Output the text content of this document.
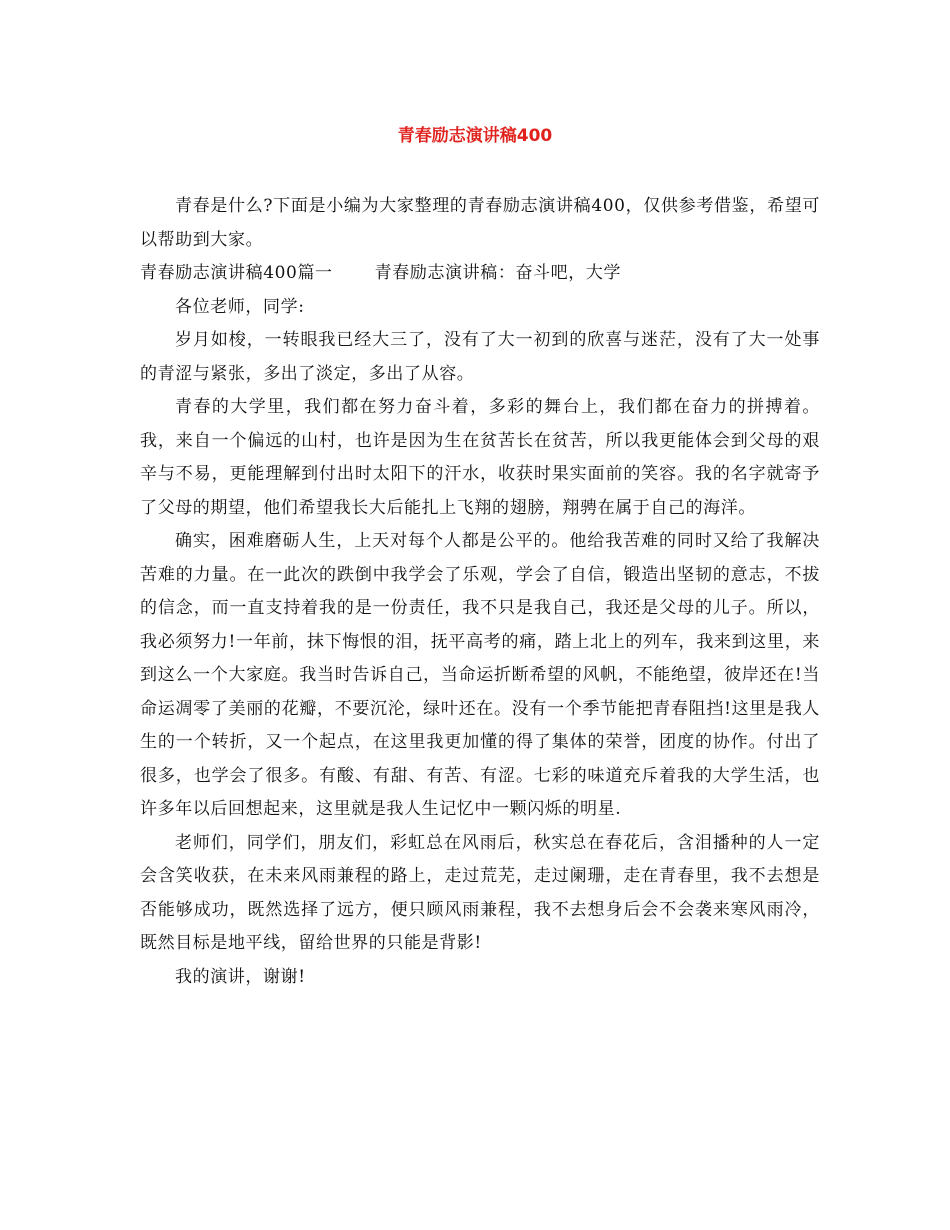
青春励志演讲稿400

青春是什么?下面是小编为大家整理的青春励志演讲稿400，仅供参考借鉴，希望可以帮助到大家。

青春励志演讲稿400篇一 青春励志演讲稿：奋斗吧，大学

各位老师，同学:

岁月如梭，一转眼我已经大三了，没有了大一初到的欣喜与迷茫，没有了大一处事的青涩与紧张，多出了淡定，多出了从容。

青春的大学里，我们都在努力奋斗着，多彩的舞台上，我们都在奋力的拼搏着。我，来自一个偏远的山村，也许是因为生在贫苦长在贫苦，所以我更能体会到父母的艰辛与不易，更能理解到付出时太阳下的汗水，收获时果实面前的笑容。我的名字就寄予了父母的期望，他们希望我长大后能扎上飞翔的翅膀，翔骋在属于自己的海洋。

确实，困难磨砺人生，上天对每个人都是公平的。他给我苦难的同时又给了我解决苦难的力量。在一此次的跌倒中我学会了乐观，学会了自信，锻造出坚韧的意志，不拔的信念，而一直支持着我的是一份责任，我不只是我自己，我还是父母的儿子。所以，我必须努力!一年前，抹下悔恨的泪，抚平高考的痛，踏上北上的列车，我来到这里，来到这么一个大家庭。我当时告诉自己，当命运折断希望的风帆，不能绝望，彼岸还在!当命运凋零了美丽的花瓣，不要沉沦，绿叶还在。没有一个季节能把青春阻挡!这里是我人生的一个转折，又一个起点，在这里我更加懂的得了集体的荣誉，团度的协作。付出了很多，也学会了很多。有酸、有甜、有苦、有涩。七彩的味道充斥着我的大学生活，也许多年以后回想起来，这里就是我人生记忆中一颗闪烁的明星.

老师们，同学们，朋友们，彩虹总在风雨后，秋实总在春花后，含泪播种的人一定会含笑收获，在未来风雨兼程的路上，走过荒芜，走过阑珊，走在青春里，我不去想是否能够成功，既然选择了远方，便只顾风雨兼程，我不去想身后会不会袭来寒风雨冷，既然目标是地平线，留给世界的只能是背影!

我的演讲，谢谢!
